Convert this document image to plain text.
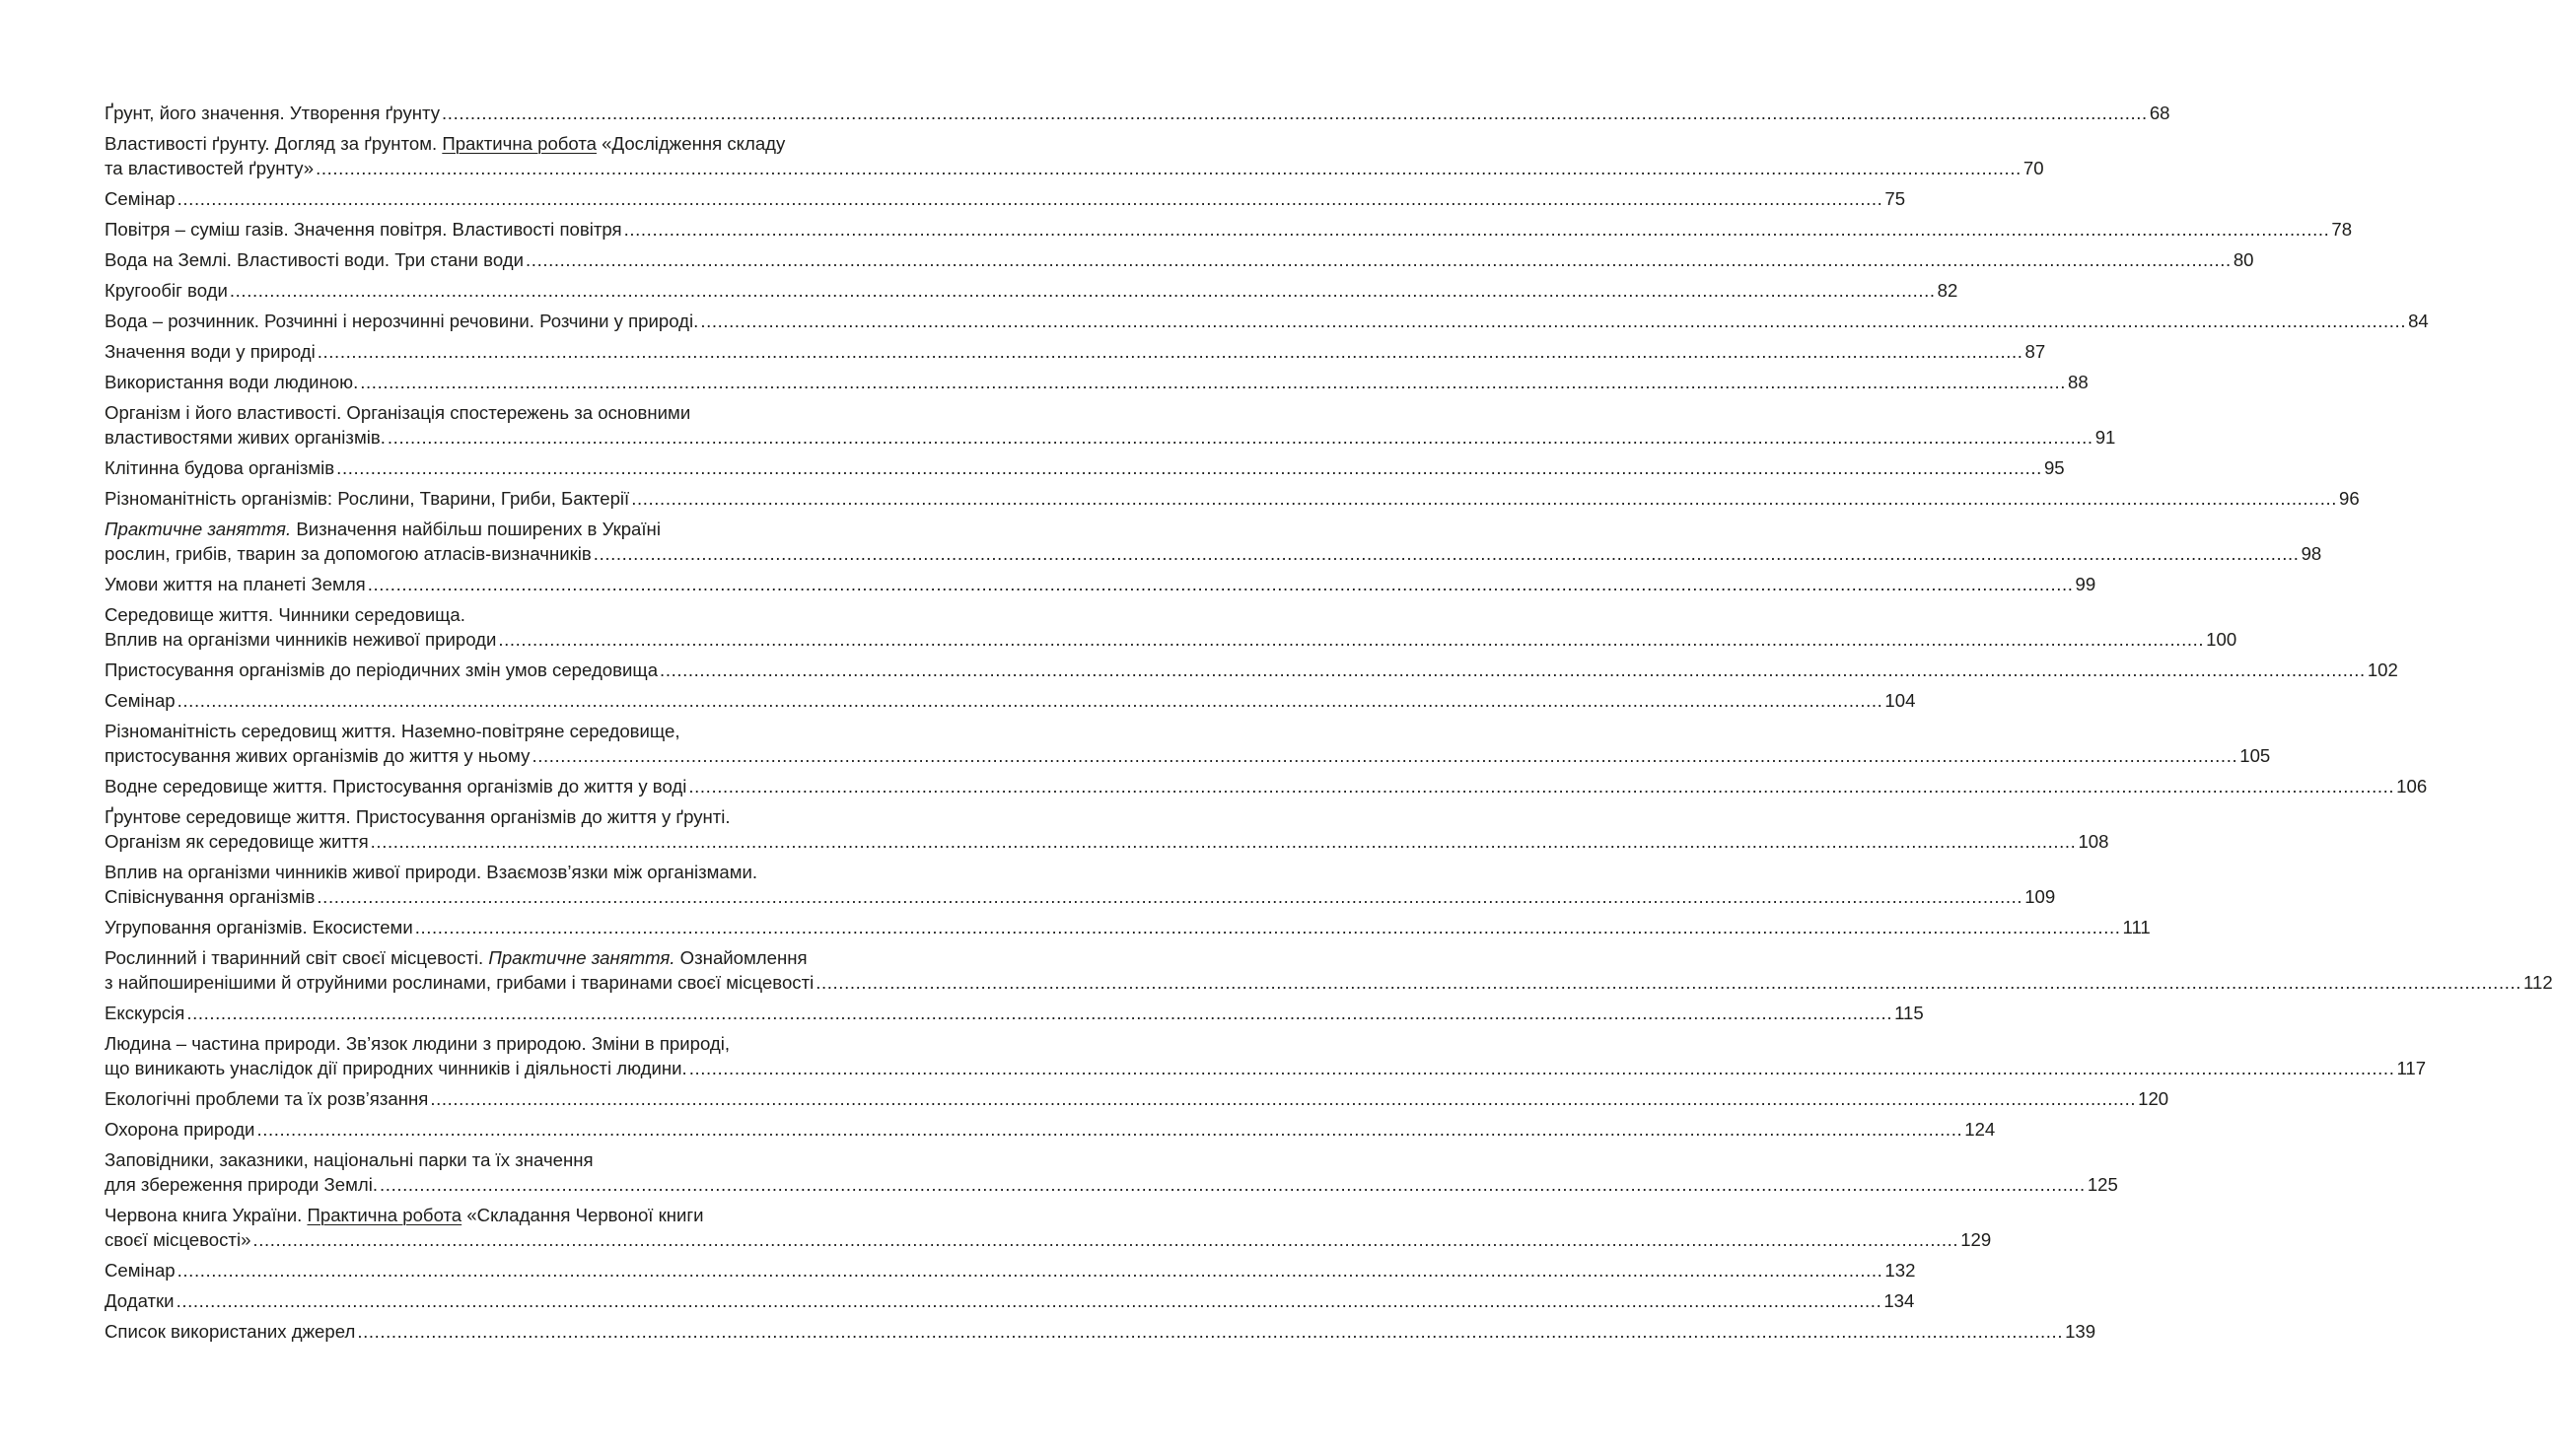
Ґрунт, його значення. Утворення ґрунту ............................................................................................................................................................................................................................................................................................................ 68
Властивості ґрунту. Догляд за ґрунтом. Практична робота «Дослідження складу
та властивостей ґрунту» ............................................................................................................................................................................................................................................................................................................ 70
Семінар ............................................................................................................................................................................................................................................................................................................ 75
Повітря – суміш газів. Значення повітря. Властивості повітря ............................................................................................................................................................................................................................................................................................................ 78
Вода на Землі. Властивості води. Три стани води ............................................................................................................................................................................................................................................................................................................ 80
Кругообіг води ............................................................................................................................................................................................................................................................................................................ 82
Вода – розчинник. Розчинні і нерозчинні речовини. Розчини у природі. ............................................................................................................................................................................................................................................................................................................ 84
Значення води у природі ............................................................................................................................................................................................................................................................................................................ 87
Використання води людиною. ............................................................................................................................................................................................................................................................................................................ 88
Організм і його властивості. Організація спостережень за основними
властивостями живих організмів. ............................................................................................................................................................................................................................................................................................................ 91
Клітинна будова організмів ............................................................................................................................................................................................................................................................................................................ 95
Різноманітність організмів: Рослини, Тварини, Гриби, Бактерії ............................................................................................................................................................................................................................................................................................................ 96
Практичне заняття. Визначення найбільш поширених в Україні
рослин, грибів, тварин за допомогою атласів-визначників ............................................................................................................................................................................................................................................................................................................ 98
Умови життя на планеті Земля ............................................................................................................................................................................................................................................................................................................ 99
Середовище життя. Чинники середовища.
Вплив на організми чинників неживої природи ............................................................................................................................................................................................................................................................................................................ 100
Пристосування організмів до періодичних змін умов середовища ............................................................................................................................................................................................................................................................................................................ 102
Семінар ............................................................................................................................................................................................................................................................................................................ 104
Різноманітність середовищ життя. Наземно-повітряне середовище,
пристосування живих організмів до життя у ньому ............................................................................................................................................................................................................................................................................................................ 105
Водне середовище життя. Пристосування організмів до життя у воді ............................................................................................................................................................................................................................................................................................................ 106
Ґрунтове середовище життя. Пристосування організмів до життя у ґрунті.
Організм як середовище життя ............................................................................................................................................................................................................................................................................................................ 108
Вплив на організми чинників живої природи. Взаємозв’язки між організмами.
Співіснування організмів ............................................................................................................................................................................................................................................................................................................ 109
Угруповання організмів. Екосистеми ............................................................................................................................................................................................................................................................................................................ 111
Рослинний і тваринний світ своєї місцевості. Практичне заняття. Ознайомлення
з найпоширенішими й отруйними рослинами, грибами і тваринами своєї місцевості ............................................................................................................................................................................................................................................................................................................ 112
Екскурсія ............................................................................................................................................................................................................................................................................................................ 115
Людина – частина природи. Зв’язок людини з природою. Зміни в природі,
що виникають унаслідок дії природних чинників і діяльності людини. ............................................................................................................................................................................................................................................................................................................ 117
Екологічні проблеми та їх розв’язання ............................................................................................................................................................................................................................................................................................................ 120
Охорона природи ............................................................................................................................................................................................................................................................................................................ 124
Заповідники, заказники, національні парки та їх значення
для збереження природи Землі. ............................................................................................................................................................................................................................................................................................................ 125
Червона книга України. Практична робота «Складання Червоної книги
своєї місцевості» ............................................................................................................................................................................................................................................................................................................ 129
Семінар ............................................................................................................................................................................................................................................................................................................ 132
Додатки ............................................................................................................................................................................................................................................................................................................ 134
Список використаних джерел ............................................................................................................................................................................................................................................................................................................ 139
